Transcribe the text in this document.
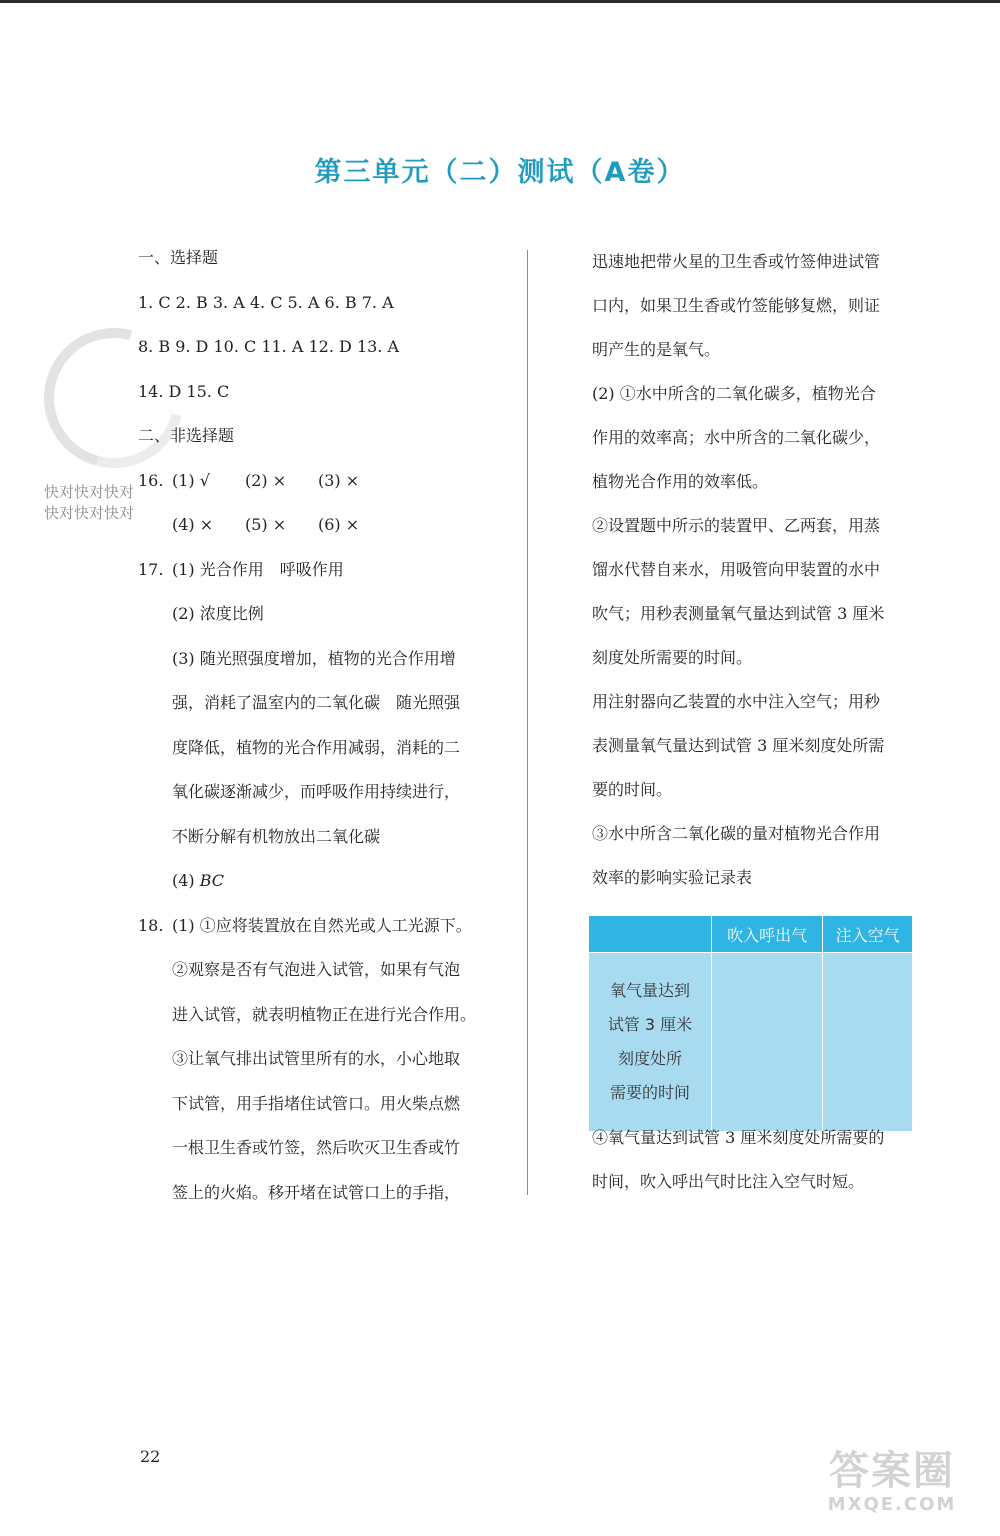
第三单元（二）测试（A卷）
快对快对快对
快对快对快对
一、选择题
1. C 2. B 3. A 4. C 5. A 6. B 7. A
8. B 9. D 10. C 11. A 12. D 13. A
14. D 15. C
二、非选择题
16. (1) √ (2) × (3) ×
(4) × (5) × (6) ×
17. (1) 光合作用　呼吸作用
(2) 浓度比例
(3) 随光照强度增加，植物的光合作用增
强，消耗了温室内的二氧化碳　随光照强
度降低，植物的光合作用减弱，消耗的二
氧化碳逐渐减少，而呼吸作用持续进行，
不断分解有机物放出二氧化碳
(4) BC
18. (1) ①应将装置放在自然光或人工光源下。
②观察是否有气泡进入试管，如果有气泡
进入试管，就表明植物正在进行光合作用。
③让氧气排出试管里所有的水，小心地取
下试管，用手指堵住试管口。用火柴点燃
一根卫生香或竹签，然后吹灭卫生香或竹
签上的火焰。移开堵在试管口上的手指，
迅速地把带火星的卫生香或竹签伸进试管
口内，如果卫生香或竹签能够复燃，则证
明产生的是氧气。
(2) ①水中所含的二氧化碳多，植物光合
作用的效率高；水中所含的二氧化碳少，
植物光合作用的效率低。
②设置题中所示的装置甲、乙两套，用蒸
馏水代替自来水，用吸管向甲装置的水中
吹气；用秒表测量氧气量达到试管 3 厘米
刻度处所需要的时间。
用注射器向乙装置的水中注入空气；用秒
表测量氧气量达到试管 3 厘米刻度处所需
要的时间。
③水中所含二氧化碳的量对植物光合作用
效率的影响实验记录表
	吹入呼出气	注入空气

氧气量达到
试管 3 厘米
刻度处所
需要的时间		

④氧气量达到试管 3 厘米刻度处所需要的
时间，吹入呼出气时比注入空气时短。
22	答案圈
MXQE.COM
